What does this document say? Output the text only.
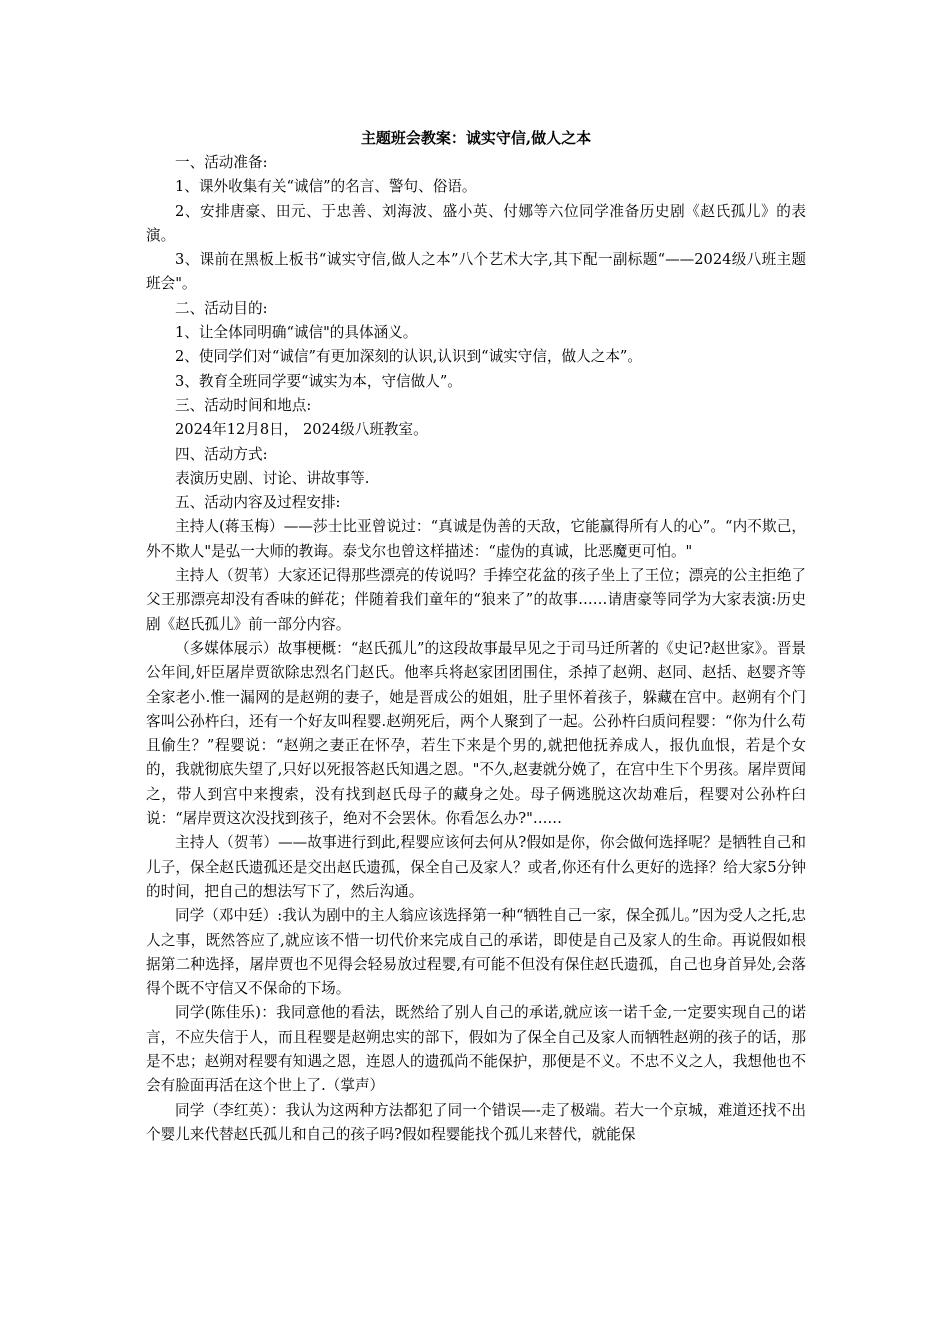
主题班会教案：诚实守信,做人之本

一、活动准备:

1、课外收集有关“诚信”的名言、警句、俗语。

2、安排唐豪、田元、于忠善、刘海波、盛小英、付娜等六位同学准备历史剧《赵氏孤儿》的表演。

3、课前在黑板上板书“诚实守信,做人之本”八个艺术大字,其下配一副标题“——2024级八班主题班会"。

二、活动目的:

1、让全体同明确“诚信"的具体涵义。

2、使同学们对“诚信”有更加深刻的认识,认识到“诚实守信，做人之本”。

3、教育全班同学要“诚实为本，守信做人”。

三、活动时间和地点:

2024年12月8日， 2024级八班教室。

四、活动方式:

表演历史剧、讨论、讲故事等.

五、活动内容及过程安排:

主持人(蒋玉梅）——莎士比亚曾说过：“真诚是伪善的天敌，它能赢得所有人的心”。“内不欺己，外不欺人"是弘一大师的教诲。泰戈尔也曾这样描述：“虚伪的真诚，比恶魔更可怕。"

主持人（贺苇）大家还记得那些漂亮的传说吗？手捧空花盆的孩子坐上了王位；漂亮的公主拒绝了父王那漂亮却没有香味的鲜花；伴随着我们童年的“狼来了”的故事……请唐豪等同学为大家表演:历史剧《赵氏孤儿》前一部分内容。

（多媒体展示）故事梗概：“赵氏孤儿”的这段故事最早见之于司马迁所著的《史记?赵世家》。晋景公年间,奸臣屠岸贾欲除忠烈名门赵氏。他率兵将赵家团团围住，杀掉了赵朔、赵同、赵括、赵婴齐等全家老小.惟一漏网的是赵朔的妻子，她是晋成公的姐姐，肚子里怀着孩子，躲藏在宫中。赵朔有个门客叫公孙杵臼，还有一个好友叫程婴.赵朔死后，两个人聚到了一起。公孙杵臼质问程婴：“你为什么苟且偷生？”程婴说：“赵朔之妻正在怀孕，若生下来是个男的,就把他抚养成人，报仇血恨，若是个女的，我就彻底失望了,只好以死报答赵氏知遇之恩。"不久,赵妻就分娩了，在宫中生下个男孩。屠岸贾闻之，带人到宫中来搜索，没有找到赵氏母子的藏身之处。母子俩逃脱这次劫难后，程婴对公孙杵臼说：“屠岸贾这次没找到孩子，绝对不会罢休。你看怎么办?"……

主持人（贺苇）——故事进行到此,程婴应该何去何从?假如是你，你会做何选择呢？是牺牲自己和儿子，保全赵氏遗孤还是交出赵氏遗孤，保全自己及家人？或者,你还有什么更好的选择？给大家5分钟的时间，把自己的想法写下了，然后沟通。

同学（邓中廷）:我认为剧中的主人翁应该选择第一种“牺牲自己一家，保全孤儿。”因为受人之托,忠人之事，既然答应了,就应该不惜一切代价来完成自己的承诺，即使是自己及家人的生命。再说假如根据第二种选择，屠岸贾也不见得会轻易放过程婴,有可能不但没有保住赵氏遗孤，自己也身首异处,会落得个既不守信又不保命的下场。

同学(陈佳乐)：我同意他的看法，既然给了别人自己的承诺,就应该一诺千金,一定要实现自己的诺言，不应失信于人，而且程婴是赵朔忠实的部下，假如为了保全自己及家人而牺牲赵朔的孩子的话，那是不忠；赵朔对程婴有知遇之恩，连恩人的遗孤尚不能保护，那便是不义。不忠不义之人，我想他也不会有脸面再活在这个世上了.（掌声）

同学（李红英）：我认为这两种方法都犯了同一个错误—-走了极端。若大一个京城，难道还找不出个婴儿来代替赵氏孤儿和自己的孩子吗?假如程婴能找个孤儿来替代，就能保
